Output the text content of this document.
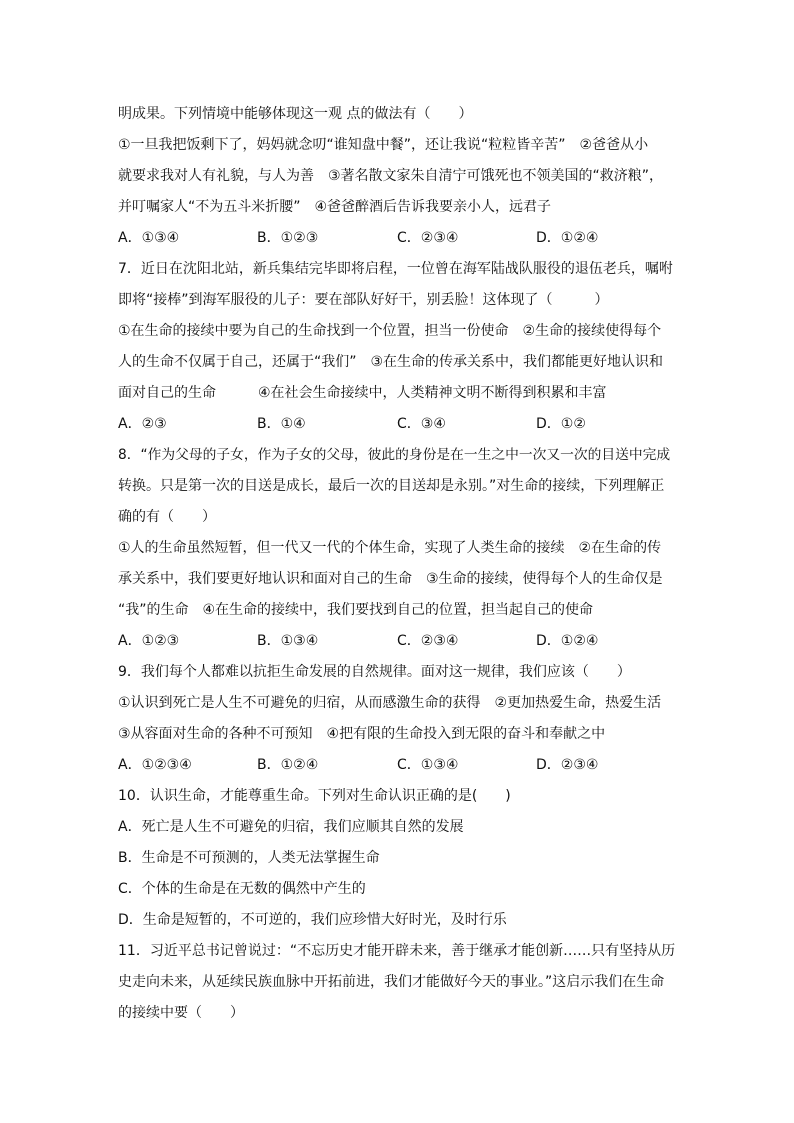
明成果。下列情境中能够体现这一观 点的做法有（　　）
①一旦我把饭剩下了，妈妈就念叨“谁知盘中餐”，还让我说“粒粒皆辛苦”　②爸爸从小
就要求我对人有礼貌，与人为善　③著名散文家朱自清宁可饿死也不领美国的“救济粮”，
并叮嘱家人“不为五斗米折腰”　④爸爸醉酒后告诉我要亲小人，远君子
A．①③④	B．①②③	C．②③④	D．①②④
7．近日在沈阳北站，新兵集结完毕即将启程，一位曾在海军陆战队服役的退伍老兵，嘱咐
即将“接棒”到海军服役的儿子：要在部队好好干，别丢脸！这体现了（　　　）
①在生命的接续中要为自己的生命找到一个位置，担当一份使命　②生命的接续使得每个
人的生命不仅属于自己，还属于“我们”　③在生命的传承关系中，我们都能更好地认识和
面对自己的生命　　　④在社会生命接续中，人类精神文明不断得到积累和丰富
A．②③	B．①④	C．③④	D．①②
8．“作为父母的子女，作为子女的父母，彼此的身份是在一生之中一次又一次的目送中完成
转换。只是第一次的目送是成长，最后一次的目送却是永别。”对生命的接续，下列理解正
确的有（　　）
①人的生命虽然短暂，但一代又一代的个体生命，实现了人类生命的接续　②在生命的传
承关系中，我们要更好地认识和面对自己的生命　③生命的接续，使得每个人的生命仅是
“我”的生命　④在生命的接续中，我们要找到自己的位置，担当起自己的使命
A．①②③	B．①③④	C．②③④	D．①②④
9．我们每个人都难以抗拒生命发展的自然规律。面对这一规律，我们应该（　　）
①认识到死亡是人生不可避免的归宿，从而感激生命的获得　②更加热爱生命，热爱生活
③从容面对生命的各种不可预知　④把有限的生命投入到无限的奋斗和奉献之中
A．①②③④	B．①②④	C．①③④	D．②③④
10．认识生命，才能尊重生命。下列对生命认识正确的是(　　)
A．死亡是人生不可避免的归宿，我们应顺其自然的发展
B．生命是不可预测的，人类无法掌握生命
C．个体的生命是在无数的偶然中产生的
D．生命是短暂的，不可逆的，我们应珍惜大好时光，及时行乐
11．习近平总书记曾说过：“不忘历史才能开辟未来，善于继承才能创新……只有坚持从历
史走向未来，从延续民族血脉中开拓前进，我们才能做好今天的事业。”这启示我们在生命
的接续中要（　　）
